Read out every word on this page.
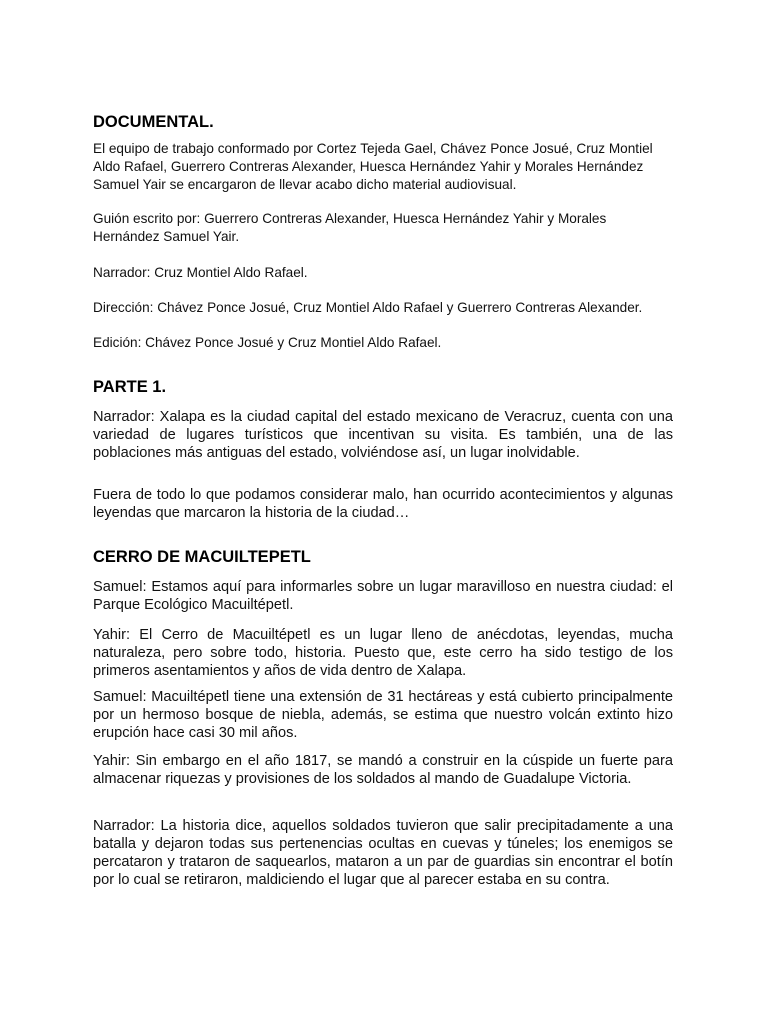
DOCUMENTAL.

El equipo de trabajo conformado por Cortez Tejeda Gael, Chávez Ponce Josué, Cruz Montiel Aldo Rafael, Guerrero Contreras Alexander, Huesca Hernández Yahir y Morales Hernández Samuel Yair se encargaron de llevar acabo dicho material audiovisual.

Guión escrito por: Guerrero Contreras Alexander, Huesca Hernández Yahir y Morales Hernández Samuel Yair.

Narrador: Cruz Montiel Aldo Rafael.

Dirección: Chávez Ponce Josué, Cruz Montiel Aldo Rafael y Guerrero Contreras Alexander.

Edición: Chávez Ponce Josué y Cruz Montiel Aldo Rafael.

PARTE 1.

Narrador: Xalapa es la ciudad capital del estado mexicano de Veracruz, cuenta con una variedad de lugares turísticos que incentivan su visita. Es también, una de las poblaciones más antiguas del estado, volviéndose así, un lugar inolvidable.

Fuera de todo lo que podamos considerar malo, han ocurrido acontecimientos y algunas leyendas que marcaron la historia de la ciudad…

CERRO DE MACUILTEPETL

Samuel: Estamos aquí para informarles sobre un lugar maravilloso en nuestra ciudad: el Parque Ecológico Macuiltépetl.

Yahir: El Cerro de Macuiltépetl es un lugar lleno de anécdotas, leyendas, mucha naturaleza, pero sobre todo, historia. Puesto que, este cerro ha sido testigo de los primeros asentamientos y años de vida dentro de Xalapa.

Samuel: Macuiltépetl tiene una extensión de 31 hectáreas y está cubierto principalmente por un hermoso bosque de niebla, además, se estima que nuestro volcán extinto hizo erupción hace casi 30 mil años.

Yahir: Sin embargo en el año 1817, se mandó a construir en la cúspide un fuerte para almacenar riquezas y provisiones de los soldados al mando de Guadalupe Victoria.

Narrador: La historia dice, aquellos soldados tuvieron que salir precipitadamente a una batalla y dejaron todas sus pertenencias ocultas en cuevas y túneles; los enemigos se percataron y trataron de saquearlos, mataron a un par de guardias sin encontrar el botín por lo cual se retiraron, maldiciendo el lugar que al parecer estaba en su contra.
